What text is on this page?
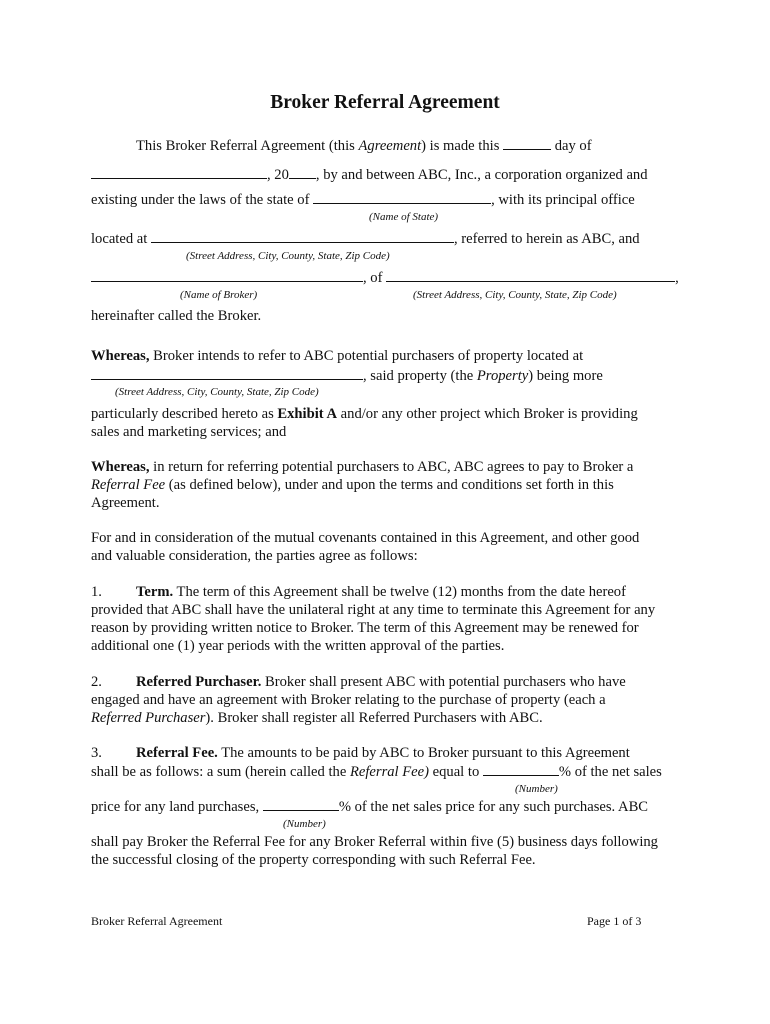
Broker Referral Agreement
This Broker Referral Agreement (this Agreement) is made this	day of
, 20 , by and between ABC, Inc., a corporation organized and
existing under the laws of the state of	, with its principal office
(Name of State)
located at	, referred to herein as ABC, and
(Street Address, City, County, State, Zip Code)
, of	,
(Name of Broker)	(Street Address, City, County, State, Zip Code)
hereinafter called the Broker.
Whereas, Broker intends to refer to ABC potential purchasers of property located at
, said property (the Property) being more
(Street Address, City, County, State, Zip Code)
particularly described hereto as Exhibit A and/or any other project which Broker is providing
sales and marketing services; and
Whereas, in return for referring potential purchasers to ABC, ABC agrees to pay to Broker a
Referral Fee (as defined below), under and upon the terms and conditions set forth in this
Agreement.
For and in consideration of the mutual covenants contained in this Agreement, and other good
and valuable consideration, the parties agree as follows:
1. Term. The term of this Agreement shall be twelve (12) months from the date hereof
provided that ABC shall have the unilateral right at any time to terminate this Agreement for any
reason by providing written notice to Broker. The term of this Agreement may be renewed for
additional one (1) year periods with the written approval of the parties.
2. Referred Purchaser. Broker shall present ABC with potential purchasers who have
engaged and have an agreement with Broker relating to the purchase of property (each a
Referred Purchaser). Broker shall register all Referred Purchasers with ABC.
3. Referral Fee. The amounts to be paid by ABC to Broker pursuant to this Agreement
shall be as follows: a sum (herein called the Referral Fee) equal to	% of the net sales
(Number)
price for any land purchases,	% of the net sales price for any such purchases. ABC
(Number)
shall pay Broker the Referral Fee for any Broker Referral within five (5) business days following
the successful closing of the property corresponding with such Referral Fee.
Broker Referral Agreement	Page 1 of 3
